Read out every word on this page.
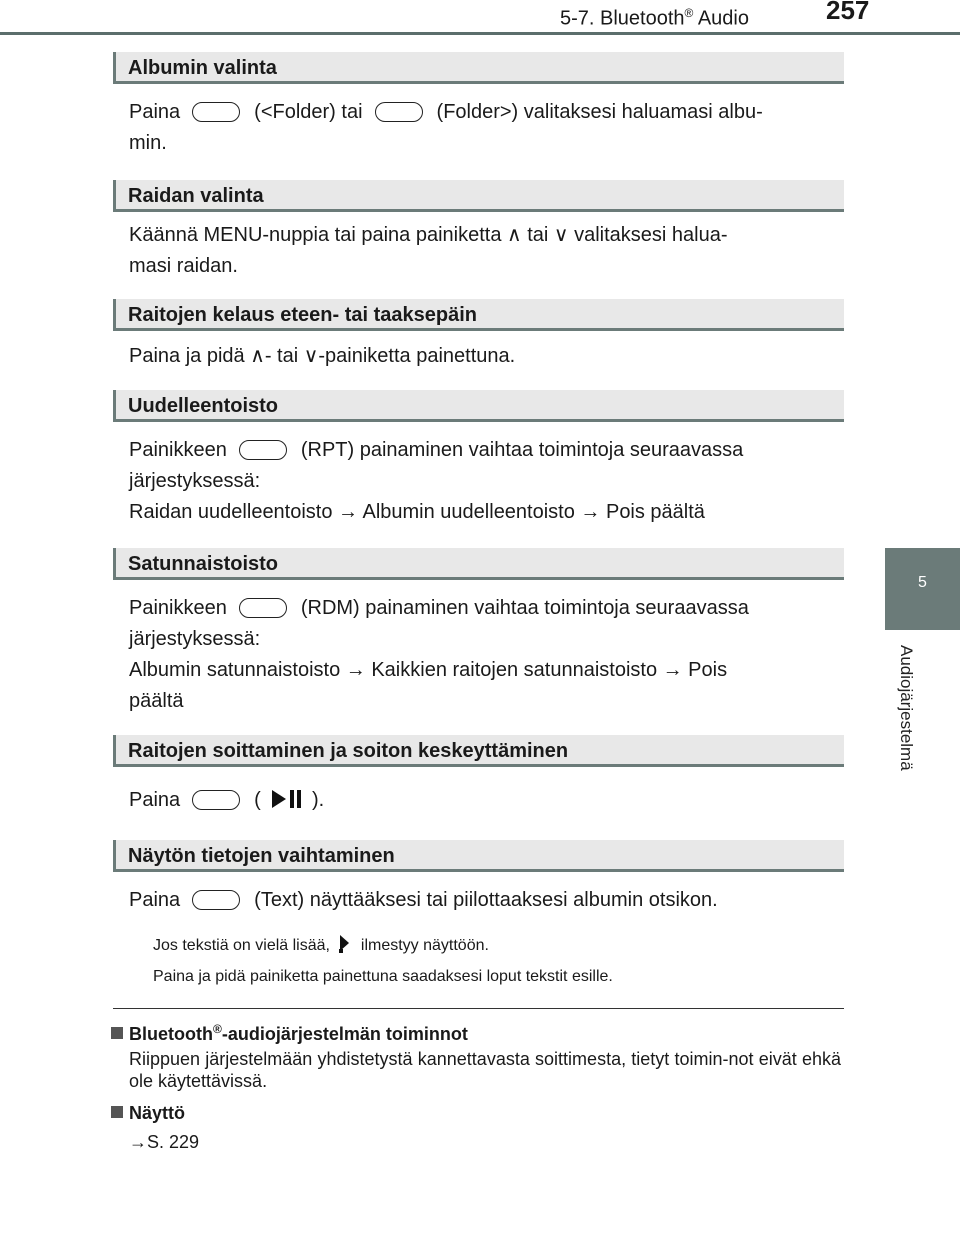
5-7. Bluetooth® Audio	257
5
Audiojärjestelmä
Albumin valinta
Paina	(<Folder) tai	(Folder>) valitaksesi haluamasi albu-
min.
Raidan valinta
Käännä MENU-nuppia tai paina painiketta ∧ tai ∨ valitaksesi halua-
masi raidan.
Raitojen kelaus eteen- tai taaksepäin
Paina ja pidä ∧- tai ∨-painiketta painettuna.
Uudelleentoisto
Painikkeen	(RPT) painaminen vaihtaa toimintoja seuraavassa
järjestyksessä:
Raidan uudelleentoisto → Albumin uudelleentoisto → Pois päältä
Satunnaistoisto
Painikkeen	(RDM) painaminen vaihtaa toimintoja seuraavassa
järjestyksessä:
Albumin satunnaistoisto → Kaikkien raitojen satunnaistoisto → Pois
päältä
Raitojen soittaminen ja soiton keskeyttäminen
Paina	(	).
Näytön tietojen vaihtaminen
Paina	(Text) näyttääksesi tai piilottaaksesi albumin otsikon.
Jos tekstiä on vielä lisää, ilmestyy näyttöön.
Paina ja pidä painiketta painettuna saadaksesi loput tekstit esille.
Bluetooth®-audiojärjestelmän toiminnot
Riippuen järjestelmään yhdistetystä kannettavasta soittimesta, tietyt toimin-not eivät ehkä ole käytettävissä.
Näyttö
→S. 229
